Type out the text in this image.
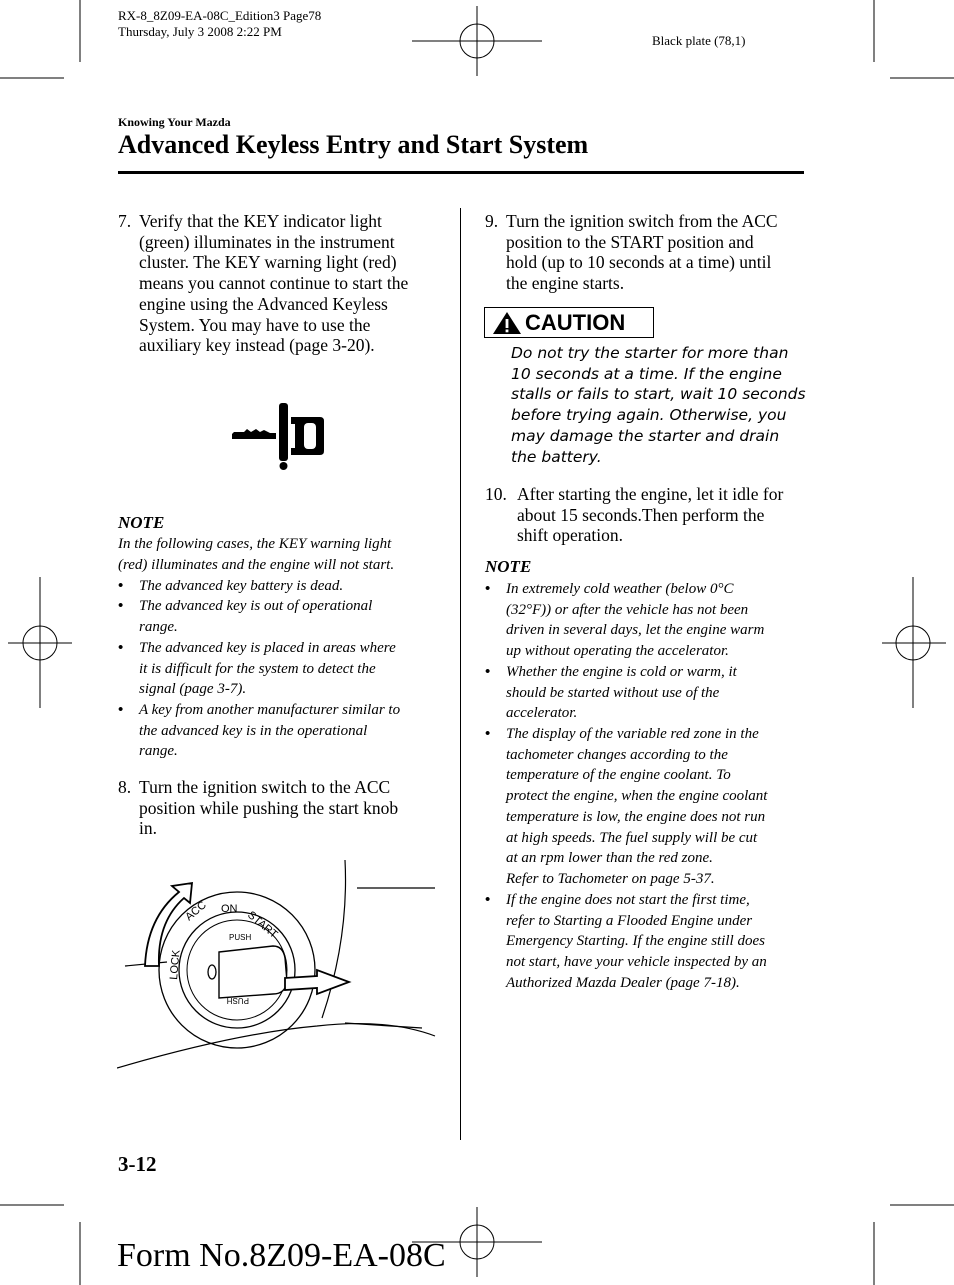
RX-8_8Z09-EA-08C_Edition3 Page78
Thursday, July 3 2008 2:22 PM
Black plate (78,1)
Knowing Your Mazda
Advanced Keyless Entry and Start System
7. Verify that the KEY indicator light
(green) illuminates in the instrument
cluster. The KEY warning light (red)
means you cannot continue to start the
engine using the Advanced Keyless
System. You may have to use the
auxiliary key instead (page 3-20).
NOTE
In the following cases, the KEY warning light
(red) illuminates and the engine will not start.
• The advanced key battery is dead.
• The advanced key is out of operational
range.
• The advanced key is placed in areas where
it is difficult for the system to detect the
signal (page 3-7).
• A key from another manufacturer similar to
the advanced key is in the operational
range.
8. Turn the ignition switch to the ACC
position while pushing the start knob
in.
LOCK
ACC ON
START
PUSH
PUSH
9. Turn the ignition switch from the ACC
position to the START position and
hold (up to 10 seconds at a time) until
the engine starts.
CAUTION
Do not try the starter for more than
10 seconds at a time. If the engine
stalls or fails to start, wait 10 seconds
before trying again. Otherwise, you
may damage the starter and drain
the battery.
10. After starting the engine, let it idle for
about 15 seconds.Then perform the
shift operation.
NOTE
• In extremely cold weather (below 0°C
(32°F)) or after the vehicle has not been
driven in several days, let the engine warm
up without operating the accelerator.
• Whether the engine is cold or warm, it
should be started without use of the
accelerator.
• The display of the variable red zone in the
tachometer changes according to the
temperature of the engine coolant. To
protect the engine, when the engine coolant
temperature is low, the engine does not run
at high speeds. The fuel supply will be cut
at an rpm lower than the red zone.
Refer to Tachometer on page 5-37.
• If the engine does not start the first time,
refer to Starting a Flooded Engine under
Emergency Starting. If the engine still does
not start, have your vehicle inspected by an
Authorized Mazda Dealer (page 7-18).
3-12
Form No.8Z09-EA-08C
